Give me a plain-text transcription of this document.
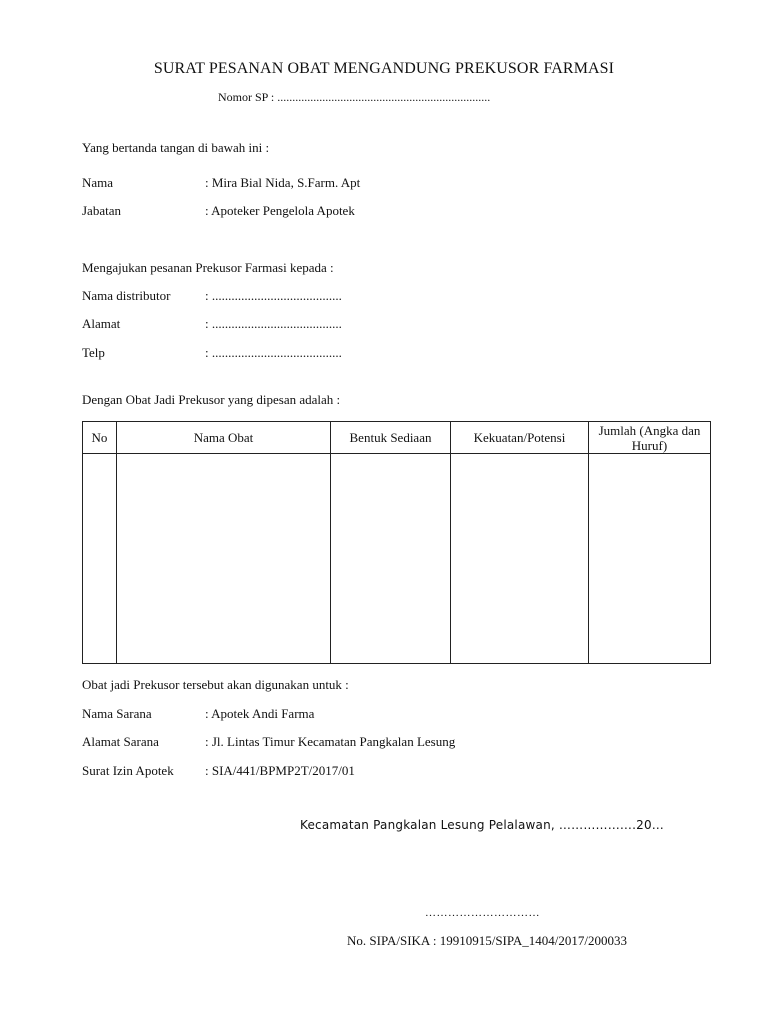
SURAT PESANAN OBAT MENGANDUNG PREKUSOR FARMASI
Nomor SP : .......................................................................
Yang bertanda tangan di bawah ini :
Nama	: Mira Bial Nida, S.Farm. Apt
Jabatan	: Apoteker Pengelola Apotek
Mengajukan pesanan Prekusor Farmasi kepada :
Nama distributor	: ........................................
Alamat	: ........................................
Telp	: ........................................
Dengan Obat Jadi Prekusor yang dipesan adalah :
No	Nama Obat	Bentuk Sediaan	Kekuatan/Potensi	Jumlah (Angka dan Huruf)

Obat jadi Prekusor tersebut akan digunakan untuk :
Nama Sarana	: Apotek Andi Farma
Alamat Sarana	: Jl. Lintas Timur Kecamatan Pangkalan Lesung
Surat Izin Apotek : SIA/441/BPMP2T/2017/01
Kecamatan Pangkalan Lesung Pelalawan, ……………….20…
…………………………
No. SIPA/SIKA : 19910915/SIPA_1404/2017/200033
